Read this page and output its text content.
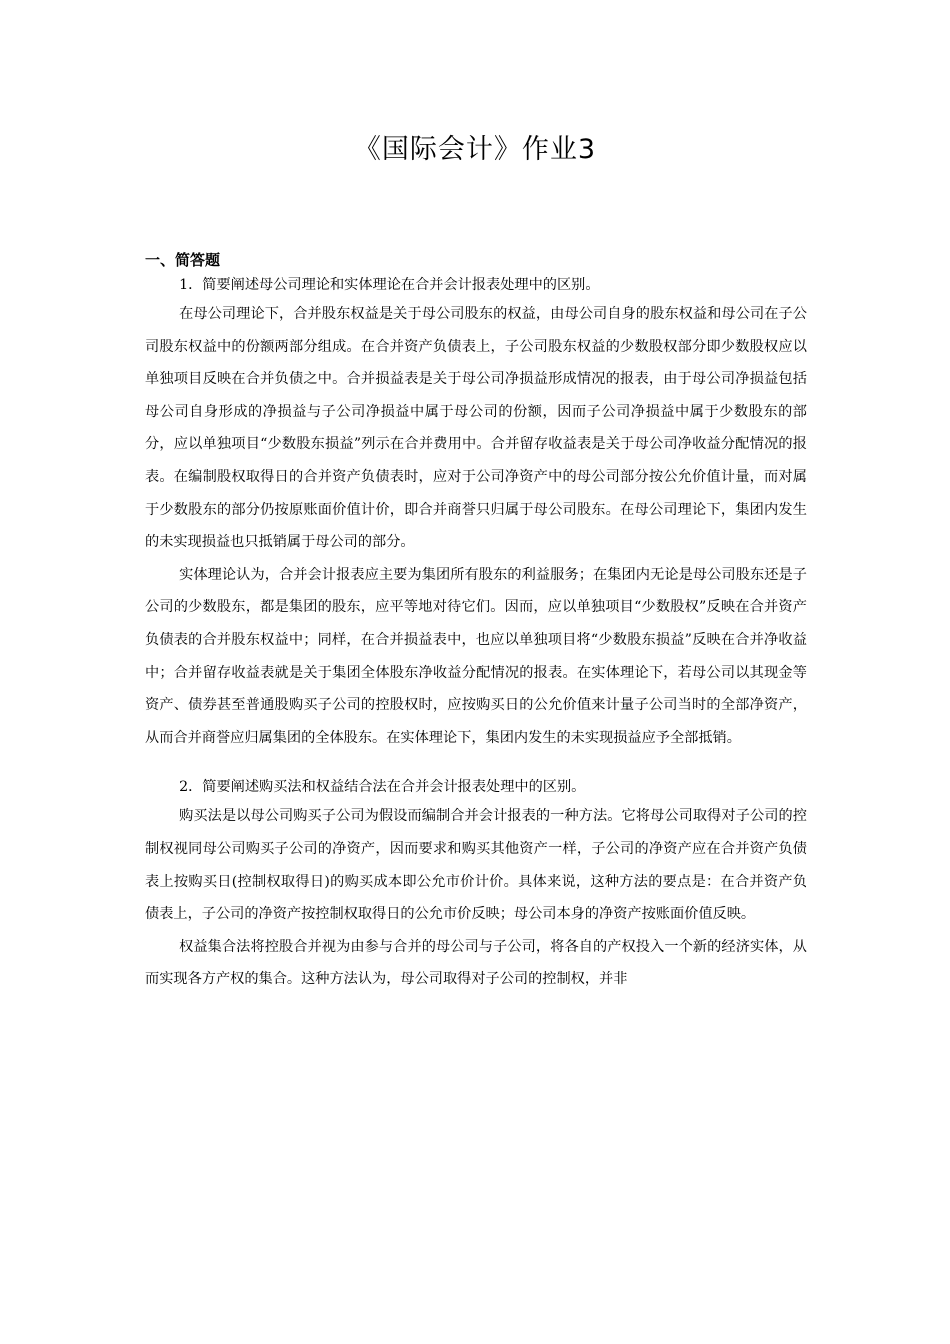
《国际会计》作业3
一、简答题

1．简要阐述母公司理论和实体理论在合并会计报表处理中的区别。

在母公司理论下，合并股东权益是关于母公司股东的权益，由母公司自身的股东权益和母公司在子公司股东权益中的份额两部分组成。在合并资产负债表上，子公司股东权益的少数股权部分即少数股权应以单独项目反映在合并负债之中。合并损益表是关于母公司净损益形成情况的报表，由于母公司净损益包括母公司自身形成的净损益与子公司净损益中属于母公司的份额，因而子公司净损益中属于少数股东的部分，应以单独项目“少数股东损益”列示在合并费用中。合并留存收益表是关于母公司净收益分配情况的报表。在编制股权取得日的合并资产负债表时，应对于公司净资产中的母公司部分按公允价值计量，而对属于少数股东的部分仍按原账面价值计价，即合并商誉只归属于母公司股东。在母公司理论下，集团内发生的未实现损益也只抵销属于母公司的部分。

实体理论认为，合并会计报表应主要为集团所有股东的利益服务；在集团内无论是母公司股东还是子公司的少数股东，都是集团的股东，应平等地对待它们。因而，应以单独项目“少数股权”反映在合并资产负债表的合并股东权益中；同样，在合并损益表中，也应以单独项目将“少数股东损益”反映在合并净收益中；合并留存收益表就是关于集团全体股东净收益分配情况的报表。在实体理论下，若母公司以其现金等资产、债券甚至普通股购买子公司的控股权时，应按购买日的公允价值来计量子公司当时的全部净资产，从而合并商誉应归属集团的全体股东。在实体理论下，集团内发生的未实现损益应予全部抵销。

2．简要阐述购买法和权益结合法在合并会计报表处理中的区别。

购买法是以母公司购买子公司为假设而编制合并会计报表的一种方法。它将母公司取得对子公司的控制权视同母公司购买子公司的净资产，因而要求和购买其他资产一样，子公司的净资产应在合并资产负债表上按购买日(控制权取得日)的购买成本即公允市价计价。具体来说，这种方法的要点是：在合并资产负债表上，子公司的净资产按控制权取得日的公允市价反映；母公司本身的净资产按账面价值反映。

权益集合法将控股合并视为由参与合并的母公司与子公司，将各自的产权投入一个新的经济实体，从而实现各方产权的集合。这种方法认为，母公司取得对子公司的控制权，并非
